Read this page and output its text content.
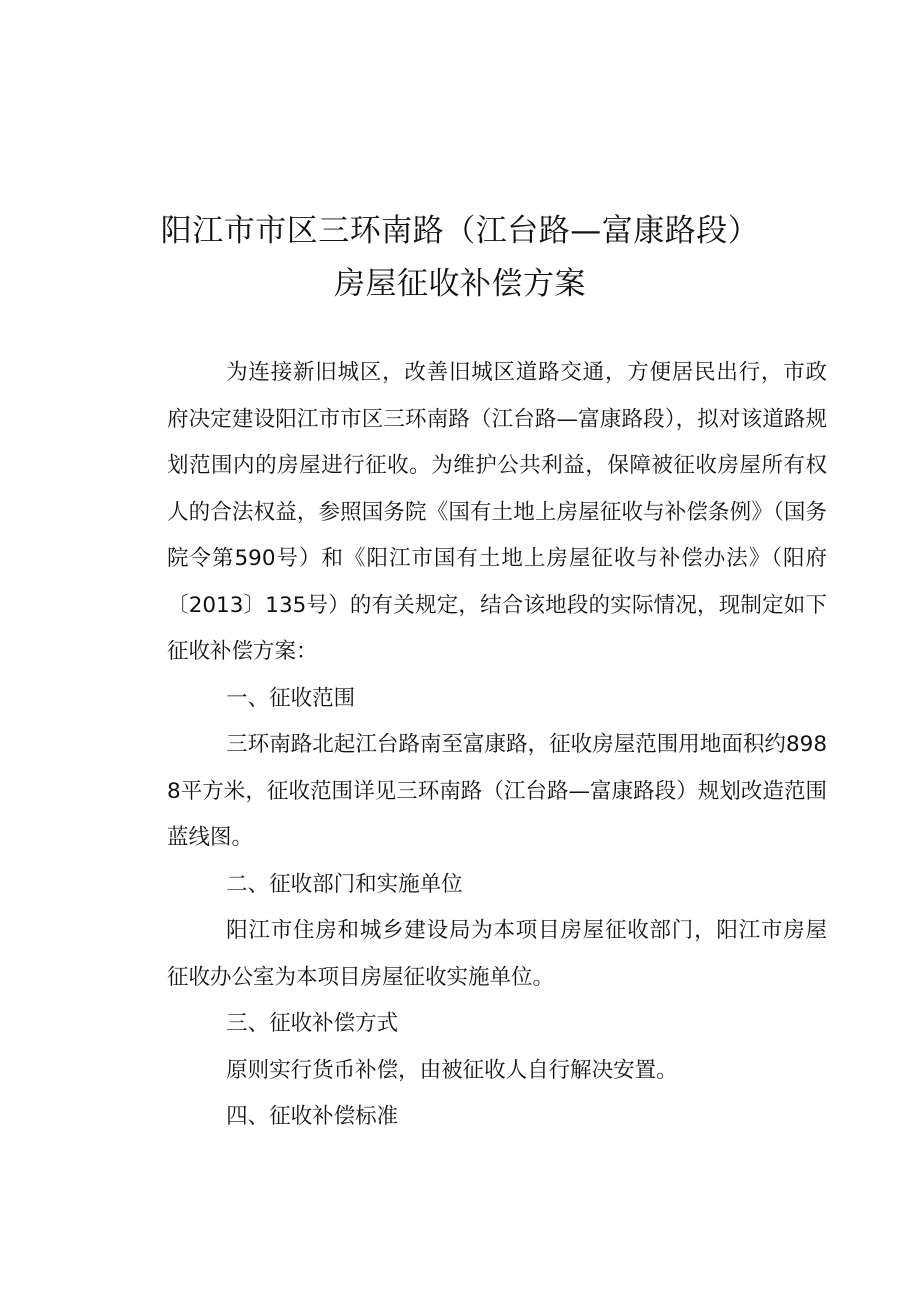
阳江市市区三环南路（江台路—富康路段）
房屋征收补偿方案

为连接新旧城区，改善旧城区道路交通，方便居民出行，市政府决定建设阳江市市区三环南路（江台路—富康路段），拟对该道路规划范围内的房屋进行征收。为维护公共利益，保障被征收房屋所有权人的合法权益，参照国务院《国有土地上房屋征收与补偿条例》（国务院令第590号）和《阳江市国有土地上房屋征收与补偿办法》（阳府〔2013〕135号）的有关规定，结合该地段的实际情况，现制定如下征收补偿方案：

一、征收范围

三环南路北起江台路南至富康路，征收房屋范围用地面积约8988平方米，征收范围详见三环南路（江台路—富康路段）规划改造范围蓝线图。

二、征收部门和实施单位

阳江市住房和城乡建设局为本项目房屋征收部门，阳江市房屋征收办公室为本项目房屋征收实施单位。

三、征收补偿方式

原则实行货币补偿，由被征收人自行解决安置。

四、征收补偿标准
